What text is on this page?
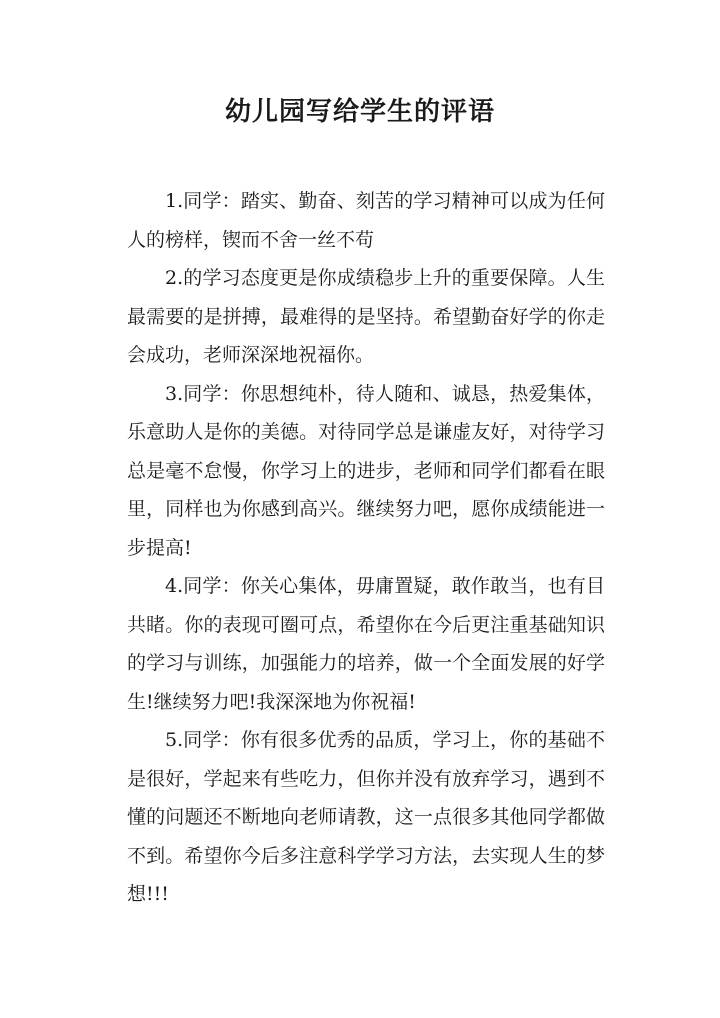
幼儿园写给学生的评语

1.同学：踏实、勤奋、刻苦的学习精神可以成为任何人的榜样，锲而不舍一丝不苟

2.的学习态度更是你成绩稳步上升的重要保障。人生最需要的是拼搏，最难得的是坚持。希望勤奋好学的你走会成功，老师深深地祝福你。

3.同学：你思想纯朴，待人随和、诚恳，热爱集体，乐意助人是你的美德。对待同学总是谦虚友好，对待学习总是毫不怠慢，你学习上的进步，老师和同学们都看在眼里，同样也为你感到高兴。继续努力吧，愿你成绩能进一步提高!

4.同学：你关心集体，毋庸置疑，敢作敢当，也有目共睹。你的表现可圈可点，希望你在今后更注重基础知识的学习与训练，加强能力的培养，做一个全面发展的好学生!继续努力吧!我深深地为你祝福!

5.同学：你有很多优秀的品质，学习上，你的基础不是很好，学起来有些吃力，但你并没有放弃学习，遇到不懂的问题还不断地向老师请教，这一点很多其他同学都做不到。希望你今后多注意科学学习方法，去实现人生的梦想!!!
